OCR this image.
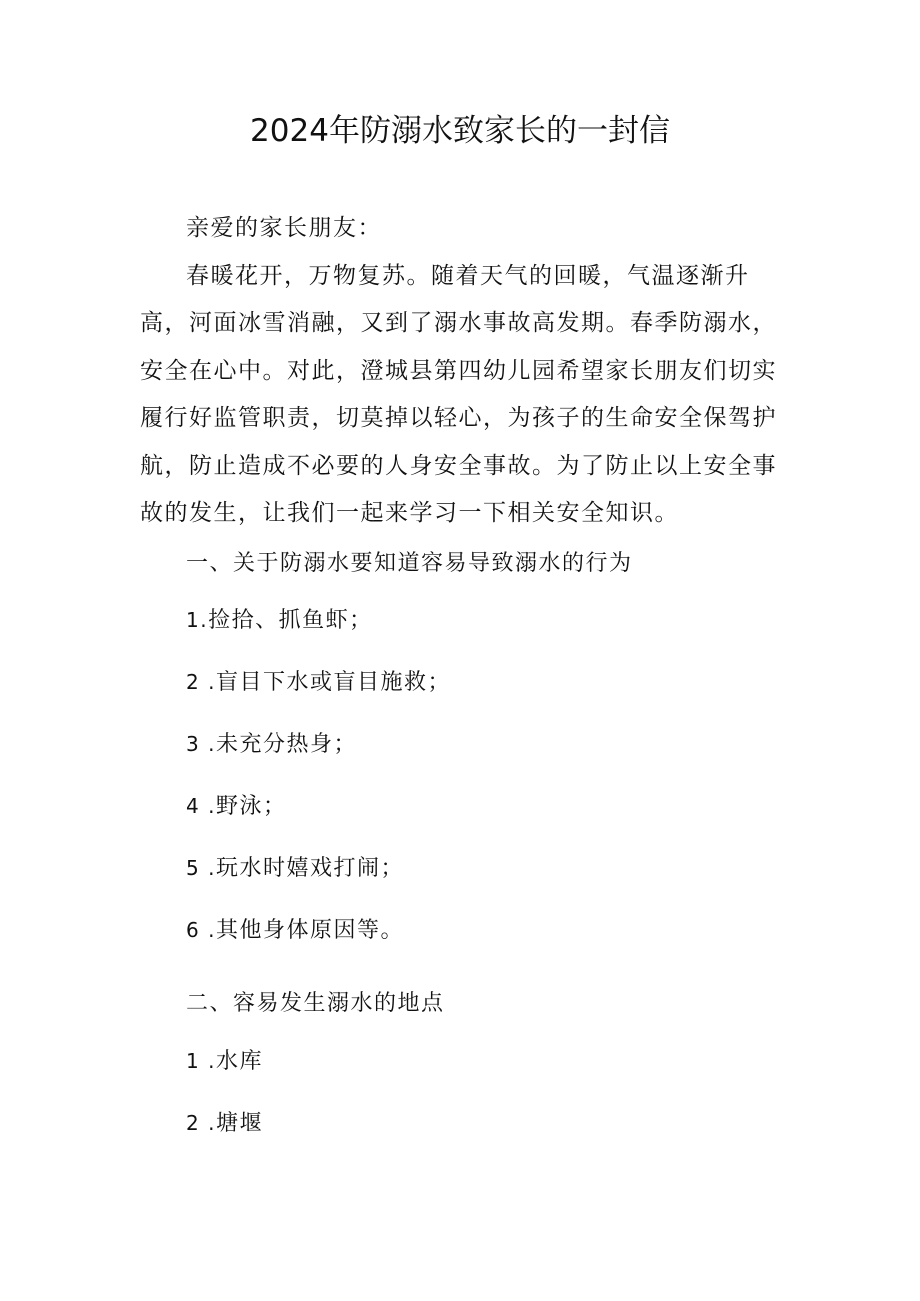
2024年防溺水致家长的一封信

亲爱的家长朋友：

春暖花开，万物复苏。随着天气的回暖，气温逐渐升高，河面冰雪消融，又到了溺水事故高发期。春季防溺水，安全在心中。对此，澄城县第四幼儿园希望家长朋友们切实履行好监管职责，切莫掉以轻心，为孩子的生命安全保驾护航，防止造成不必要的人身安全事故。为了防止以上安全事故的发生，让我们一起来学习一下相关安全知识。

一、关于防溺水要知道容易导致溺水的行为
1.捡拾、抓鱼虾；
2 .盲目下水或盲目施救；
3 .未充分热身；
4 .野泳；
5 .玩水时嬉戏打闹；
6 .其他身体原因等。
二、容易发生溺水的地点
1 .水库
2 .塘堰
